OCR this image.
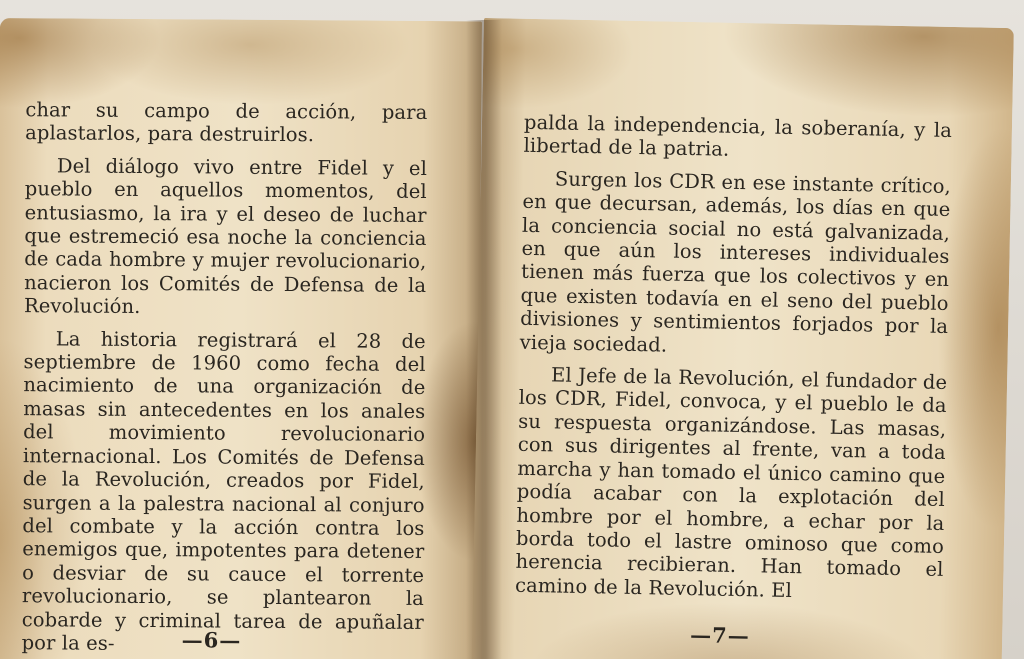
char su campo de acción, para aplastarlos, para destruirlos.

Del diálogo vivo entre Fidel y el pueblo en aquellos momentos, del entusiasmo, la ira y el deseo de luchar que estremeció esa noche la conciencia de cada hombre y mujer revolucionario, nacieron los Comités de Defensa de la Revolución.

La historia registrará el 28 de septiembre de 1960 como fecha del nacimiento de una organización de masas sin antecedentes en los anales del movimiento revolucionario internacional. Los Comités de Defensa de la Revolución, creados por Fidel, surgen a la palestra nacional al conjuro del combate y la acción contra los enemigos que, impotentes para detener o desviar de su cauce el torrente revolucionario, se plantearon la cobarde y criminal tarea de apuñalar por la es-	—6—

palda la independencia, la soberanía, y la libertad de la patria.

Surgen los CDR en ese instante crítico, en que decursan, además, los días en que la conciencia social no está galvanizada, en que aún los intereses individuales tienen más fuerza que los colectivos y en que existen todavía en el seno del pueblo divisiones y sentimientos forjados por la vieja sociedad.

El Jefe de la Revolución, el fundador de los CDR, Fidel, convoca, y el pueblo le da su respuesta organizándose. Las masas, con sus dirigentes al frente, van a toda marcha y han tomado el único camino que podía acabar con la explotación del hombre por el hombre, a echar por la borda todo el lastre ominoso que como herencia recibieran. Han tomado el camino de la Revolución. El

—7—
